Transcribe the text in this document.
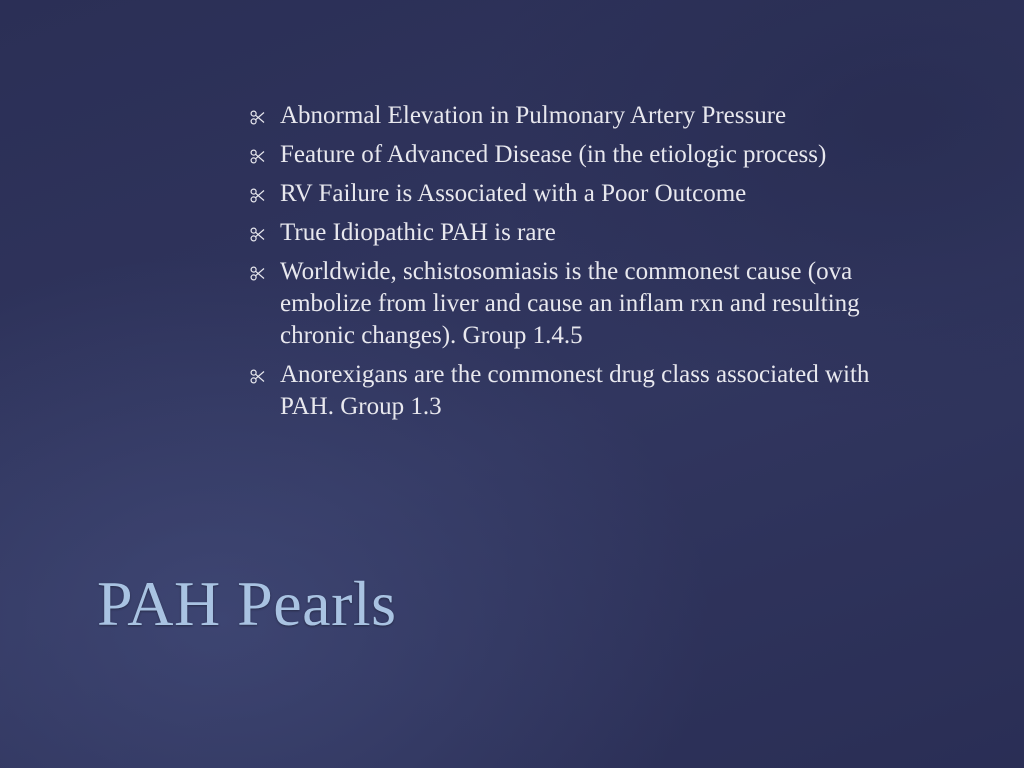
Abnormal Elevation in Pulmonary Artery Pressure
Feature of Advanced Disease (in the etiologic process)
RV Failure is Associated with a Poor Outcome
True Idiopathic PAH is rare
Worldwide, schistosomiasis is the commonest cause (ova embolize from liver and cause an inflam rxn and resulting chronic changes). Group 1.4.5
Anorexigans are the commonest drug class associated with PAH. Group 1.3
PAH Pearls
